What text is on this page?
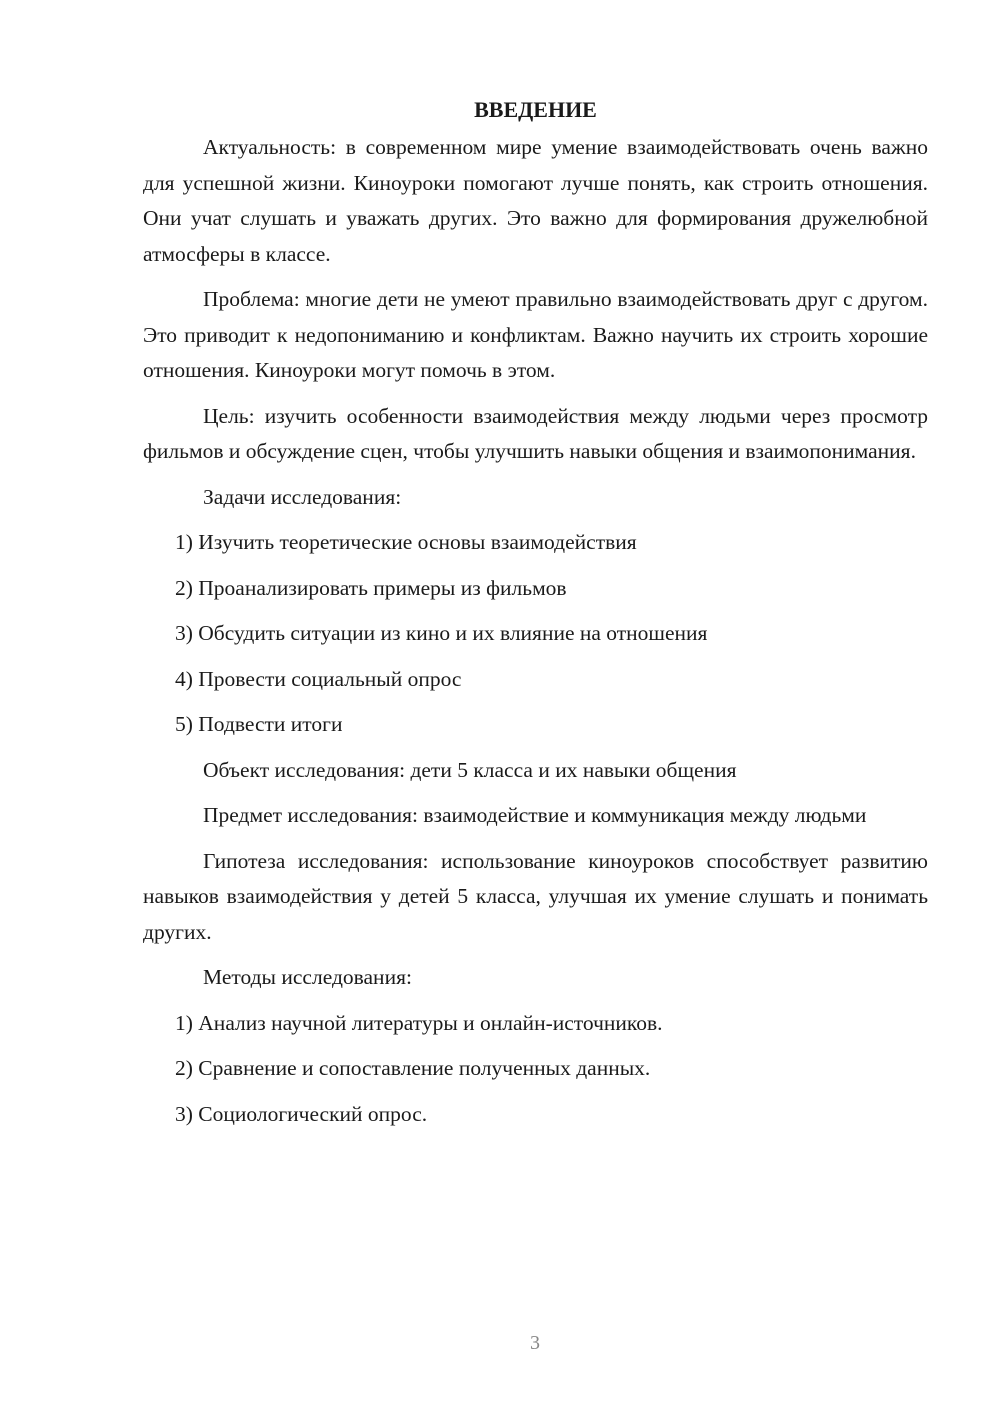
ВВЕДЕНИЕ

Актуальность: в современном мире умение взаимодействовать очень важно для успешной жизни. Киноуроки помогают лучше понять, как строить отношения. Они учат слушать и уважать других. Это важно для формирования дружелюбной атмосферы в классе.

Проблема: многие дети не умеют правильно взаимодействовать друг с другом. Это приводит к недопониманию и конфликтам. Важно научить их строить хорошие отношения. Киноуроки могут помочь в этом.

Цель: изучить особенности взаимодействия между людьми через просмотр фильмов и обсуждение сцен, чтобы улучшить навыки общения и взаимопонимания.

Задачи исследования:

1) Изучить теоретические основы взаимодействия
2) Проанализировать примеры из фильмов
3) Обсудить ситуации из кино и их влияние на отношения
4) Провести социальный опрос
5) Подвести итоги

Объект исследования: дети 5 класса и их навыки общения

Предмет исследования: взаимодействие и коммуникация между людьми

Гипотеза исследования: использование киноуроков способствует развитию навыков взаимодействия у детей 5 класса, улучшая их умение слушать и понимать других.

Методы исследования:

1) Анализ научной литературы и онлайн-источников.
2) Сравнение и сопоставление полученных данных.
3) Социологический опрос.
3
